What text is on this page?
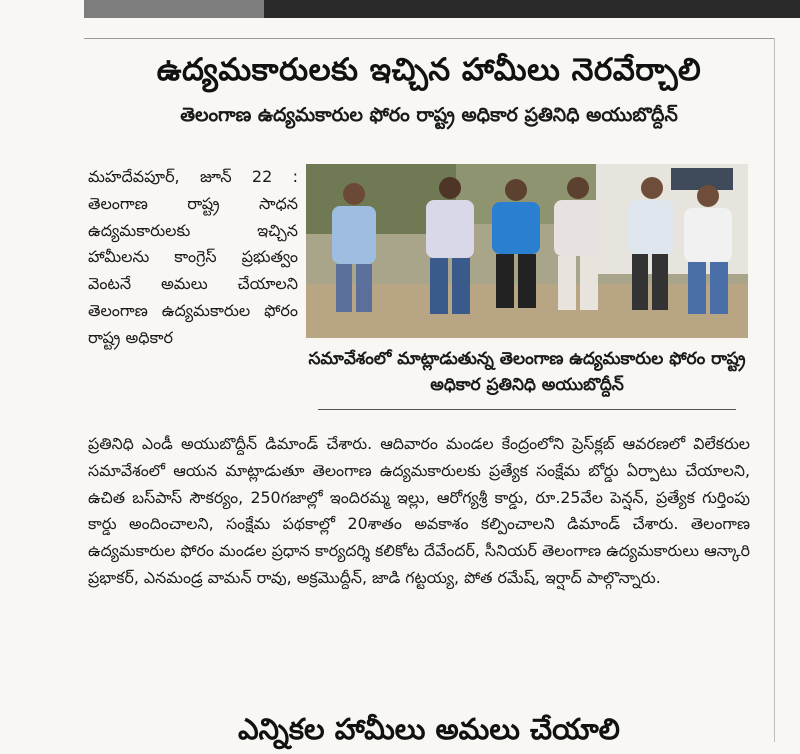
ఉద్యమకారులకు ఇచ్చిన హామీలు నెరవేర్చాలి
తెలంగాణ ఉద్యమకారుల ఫోరం రాష్ట్ర అధికార ప్రతినిధి అయుబొద్దీన్
మహదేవపూర్, జూన్ 22 : తెలంగాణ రాష్ట్ర సాధన ఉద్యమకారులకు ఇచ్చిన హామీలను కాంగ్రెస్ ప్రభుత్వం వెంటనే అమలు చేయాలని తెలంగాణ ఉద్యమకారుల ఫోరం రాష్ట్ర అధికార
సమావేశంలో మాట్లాడుతున్న తెలంగాణ ఉద్యమకారుల ఫోరం రాష్ట్ర అధికార ప్రతినిధి అయుబొద్దీన్
ప్రతినిధి ఎండీ అయుబొద్దీన్ డిమాండ్ చేశారు. ఆదివారం మండల కేంద్రంలోని ప్రెస్‌క్లబ్ ఆవరణలో విలేకరుల సమావేశంలో ఆయన మాట్లాడుతూ తెలంగాణ ఉద్యమకారులకు ప్రత్యేక సంక్షేమ బోర్డు ఏర్పాటు చేయాలని, ఉచిత బస్‌పాస్ సౌకర్యం, 250గజాల్లో ఇందిరమ్మ ఇల్లు, ఆరోగ్యశ్రీ కార్డు, రూ.25వేల పెన్షన్, ప్రత్యేక గుర్తింపు కార్డు అందించాలని, సంక్షేమ పథకాల్లో 20శాతం అవకాశం కల్పించాలని డిమాండ్ చేశారు. తెలంగాణ ఉద్యమకారుల ఫోరం మండల ప్రధాన కార్యదర్శి కలికోట దేవేందర్, సీనియర్ తెలంగాణ ఉద్యమకారులు ఆన్కారి ప్రభాకర్, ఎనమండ్ర వామన్ రావు, అక్రమొద్దీన్, జాడి గట్టయ్య, పోత రమేష్, ఇర్షాద్ పాల్గొన్నారు.
ఎన్నికల హామీలు అమలు చేయాలి
